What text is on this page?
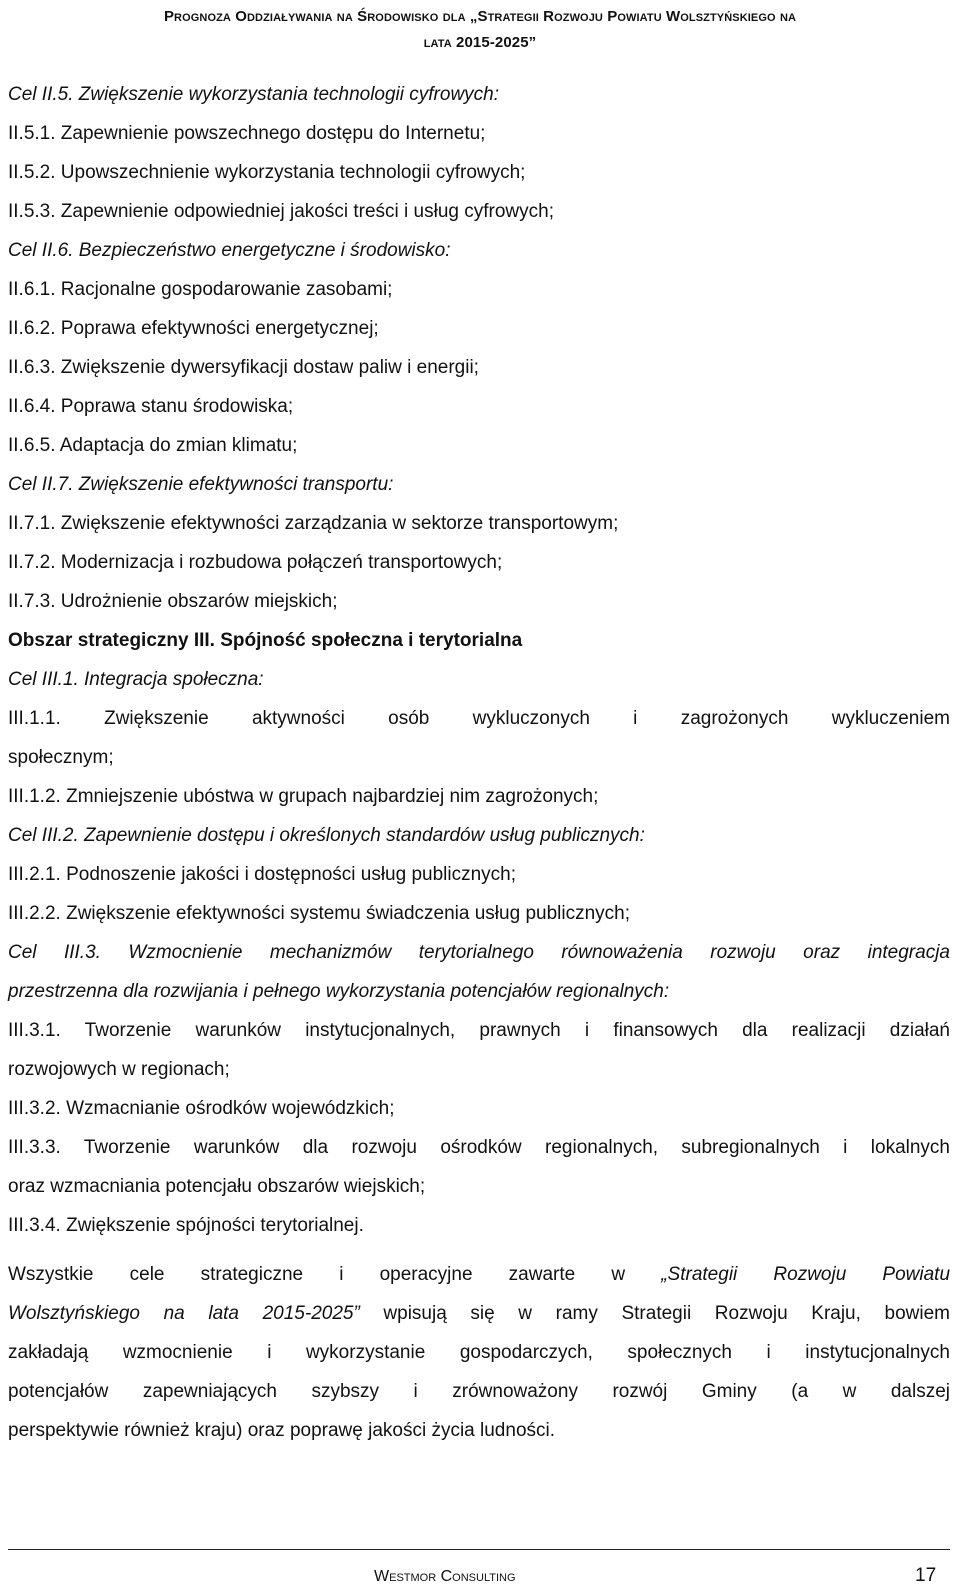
Prognoza Oddziaływania na Środowisko dla „Strategii Rozwoju Powiatu Wolsztyńskiego na
lata 2015-2025”
Cel II.5. Zwiększenie wykorzystania technologii cyfrowych:
II.5.1. Zapewnienie powszechnego dostępu do Internetu;
II.5.2. Upowszechnienie wykorzystania technologii cyfrowych;
II.5.3. Zapewnienie odpowiedniej jakości treści i usług cyfrowych;
Cel II.6. Bezpieczeństwo energetyczne i środowisko:
II.6.1. Racjonalne gospodarowanie zasobami;
II.6.2. Poprawa efektywności energetycznej;
II.6.3. Zwiększenie dywersyfikacji dostaw paliw i energii;
II.6.4. Poprawa stanu środowiska;
II.6.5. Adaptacja do zmian klimatu;
Cel II.7. Zwiększenie efektywności transportu:
II.7.1. Zwiększenie efektywności zarządzania w sektorze transportowym;
II.7.2. Modernizacja i rozbudowa połączeń transportowych;
II.7.3. Udrożnienie obszarów miejskich;
Obszar strategiczny III. Spójność społeczna i terytorialna
Cel III.1. Integracja społeczna:
III.1.1. Zwiększenie aktywności osób wykluczonych i zagrożonych wykluczeniem
społecznym;
III.1.2. Zmniejszenie ubóstwa w grupach najbardziej nim zagrożonych;
Cel III.2. Zapewnienie dostępu i określonych standardów usług publicznych:
III.2.1. Podnoszenie jakości i dostępności usług publicznych;
III.2.2. Zwiększenie efektywności systemu świadczenia usług publicznych;
Cel III.3. Wzmocnienie mechanizmów terytorialnego równoważenia rozwoju oraz integracja
przestrzenna dla rozwijania i pełnego wykorzystania potencjałów regionalnych:
III.3.1. Tworzenie warunków instytucjonalnych, prawnych i finansowych dla realizacji działań
rozwojowych w regionach;
III.3.2. Wzmacnianie ośrodków wojewódzkich;
III.3.3. Tworzenie warunków dla rozwoju ośrodków regionalnych, subregionalnych i lokalnych
oraz wzmacniania potencjału obszarów wiejskich;
III.3.4. Zwiększenie spójności terytorialnej.
Wszystkie cele strategiczne i operacyjne zawarte w „Strategii Rozwoju Powiatu
Wolsztyńskiego na lata 2015-2025” wpisują się w ramy Strategii Rozwoju Kraju, bowiem
zakładają wzmocnienie i wykorzystanie gospodarczych, społecznych i instytucjonalnych
potencjałów zapewniających szybszy i zrównoważony rozwój Gminy (a w dalszej
perspektywie również kraju) oraz poprawę jakości życia ludności.
Westmor Consulting	17
